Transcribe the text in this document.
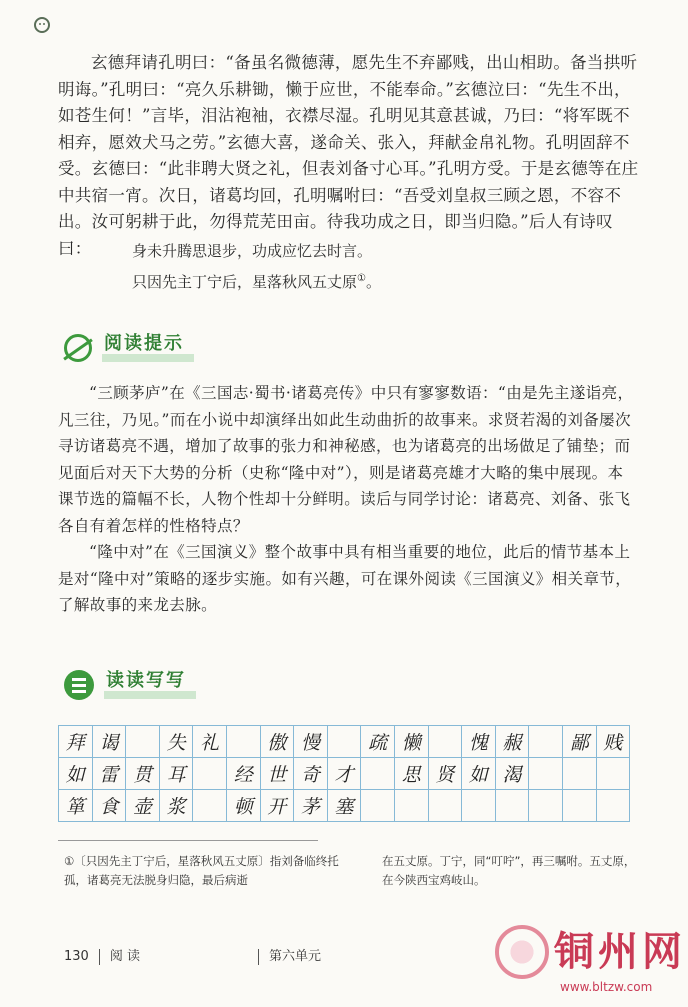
玄德拜请孔明曰：“备虽名微德薄，愿先生不弃鄙贱，出山相助。备当拱听明诲。”孔明曰：“亮久乐耕锄，懒于应世，不能奉命。”玄德泣曰：“先生不出，如苍生何！”言毕，泪沾袍袖，衣襟尽湿。孔明见其意甚诚，乃曰：“将军既不相弃，愿效犬马之劳。”玄德大喜，遂命关、张入，拜献金帛礼物。孔明固辞不受。玄德曰：“此非聘大贤之礼，但表刘备寸心耳。”孔明方受。于是玄德等在庄中共宿一宵。次日，诸葛均回，孔明嘱咐曰：“吾受刘皇叔三顾之恩，不容不出。汝可躬耕于此，勿得荒芜田亩。待我功成之日，即当归隐。”后人有诗叹曰：	身未升腾思退步，功成应忆去时言。
只因先主丁宁后，星落秋风五丈原①。
阅读提示

“三顾茅庐”在《三国志·蜀书·诸葛亮传》中只有寥寥数语：“由是先主遂诣亮，凡三往，乃见。”而在小说中却演绎出如此生动曲折的故事来。求贤若渴的刘备屡次寻访诸葛亮不遇，增加了故事的张力和神秘感，也为诸葛亮的出场做足了铺垫；而见面后对天下大势的分析（史称“隆中对”），则是诸葛亮雄才大略的集中展现。本课节选的篇幅不长，人物个性却十分鲜明。读后与同学讨论：诸葛亮、刘备、张飞各自有着怎样的性格特点？

“隆中对”在《三国演义》整个故事中具有相当重要的地位，此后的情节基本上是对“隆中对”策略的逐步实施。如有兴趣，可在课外阅读《三国演义》相关章节，了解故事的来龙去脉。

读读写写
拜	谒		失	礼		傲	慢		疏	懒		愧	赧		鄙	贱
如	雷	贯	耳		经	世	奇	才		思	贤	如	渴			
箪	食	壶	浆		顿	开	茅	塞								
①〔只因先主丁宁后，星落秋风五丈原〕指刘备临终托孤，诸葛亮无法脱身归隐，最后病逝
在五丈原。丁宁，同“叮咛”，再三嘱咐。五丈原，在今陕西宝鸡岐山。
130 阅 读	第六单元	铜州网
www.bltzw.com
